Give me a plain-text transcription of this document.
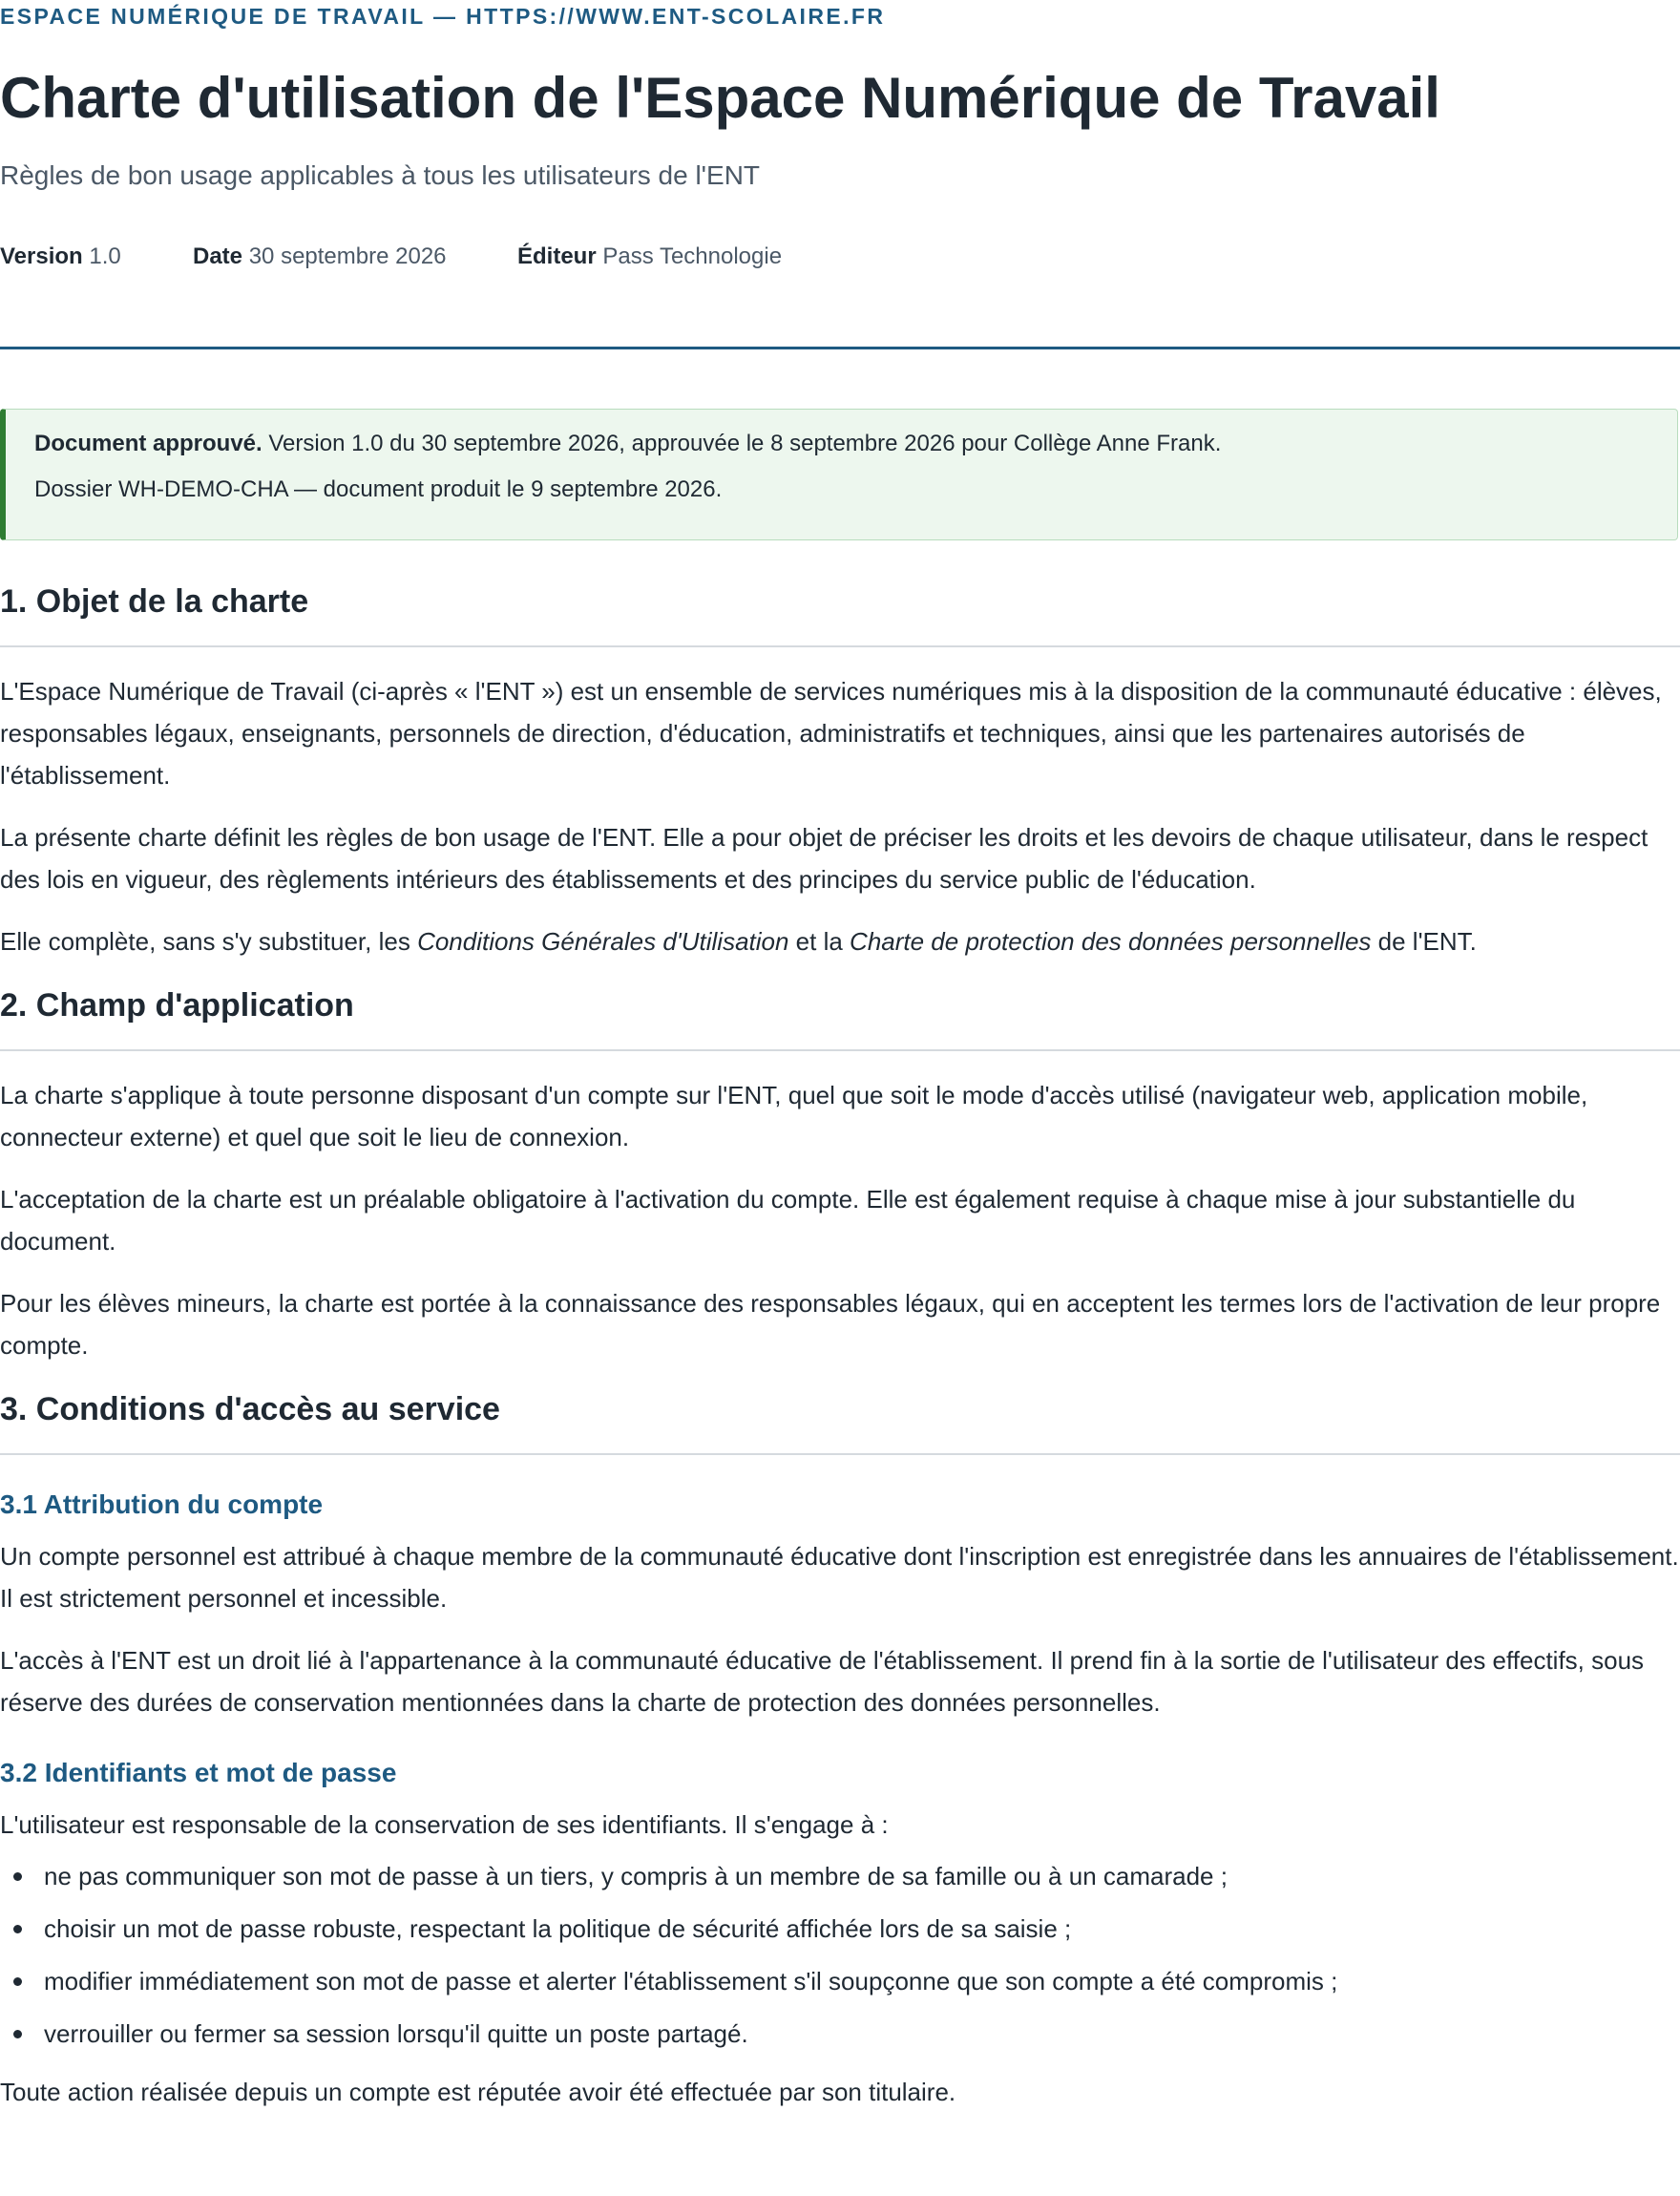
ESPACE NUMÉRIQUE DE TRAVAIL — HTTPS://WWW.ENT-SCOLAIRE.FR
Charte d'utilisation de l'Espace Numérique de Travail
Règles de bon usage applicables à tous les utilisateurs de l'ENT
Version 1.0	Date 30 septembre 2026	Éditeur Pass Technologie
Document approuvé. Version 1.0 du 30 septembre 2026, approuvée le 8 septembre 2026 pour Collège Anne Frank.
Dossier WH-DEMO-CHA — document produit le 9 septembre 2026.
1. Objet de la charte

L'Espace Numérique de Travail (ci-après « l'ENT ») est un ensemble de services numériques mis à la disposition de la communauté éducative : élèves, responsables légaux, enseignants, personnels de direction, d'éducation, administratifs et techniques, ainsi que les partenaires autorisés de l'établissement.

La présente charte définit les règles de bon usage de l'ENT. Elle a pour objet de préciser les droits et les devoirs de chaque utilisateur, dans le respect des lois en vigueur, des règlements intérieurs des établissements et des principes du service public de l'éducation.

Elle complète, sans s'y substituer, les Conditions Générales d'Utilisation et la Charte de protection des données personnelles de l'ENT.

2. Champ d'application

La charte s'applique à toute personne disposant d'un compte sur l'ENT, quel que soit le mode d'accès utilisé (navigateur web, application mobile, connecteur externe) et quel que soit le lieu de connexion.

L'acceptation de la charte est un préalable obligatoire à l'activation du compte. Elle est également requise à chaque mise à jour substantielle du document.

Pour les élèves mineurs, la charte est portée à la connaissance des responsables légaux, qui en acceptent les termes lors de l'activation de leur propre compte.

3. Conditions d'accès au service
3.1 Attribution du compte

Un compte personnel est attribué à chaque membre de la communauté éducative dont l'inscription est enregistrée dans les annuaires de l'établissement. Il est strictement personnel et incessible.

L'accès à l'ENT est un droit lié à l'appartenance à la communauté éducative de l'établissement. Il prend fin à la sortie de l'utilisateur des effectifs, sous réserve des durées de conservation mentionnées dans la charte de protection des données personnelles.

3.2 Identifiants et mot de passe

L'utilisateur est responsable de la conservation de ses identifiants. Il s'engage à :

ne pas communiquer son mot de passe à un tiers, y compris à un membre de sa famille ou à un camarade ;
choisir un mot de passe robuste, respectant la politique de sécurité affichée lors de sa saisie ;
modifier immédiatement son mot de passe et alerter l'établissement s'il soupçonne que son compte a été compromis ;
verrouiller ou fermer sa session lorsqu'il quitte un poste partagé.

Toute action réalisée depuis un compte est réputée avoir été effectuée par son titulaire.
